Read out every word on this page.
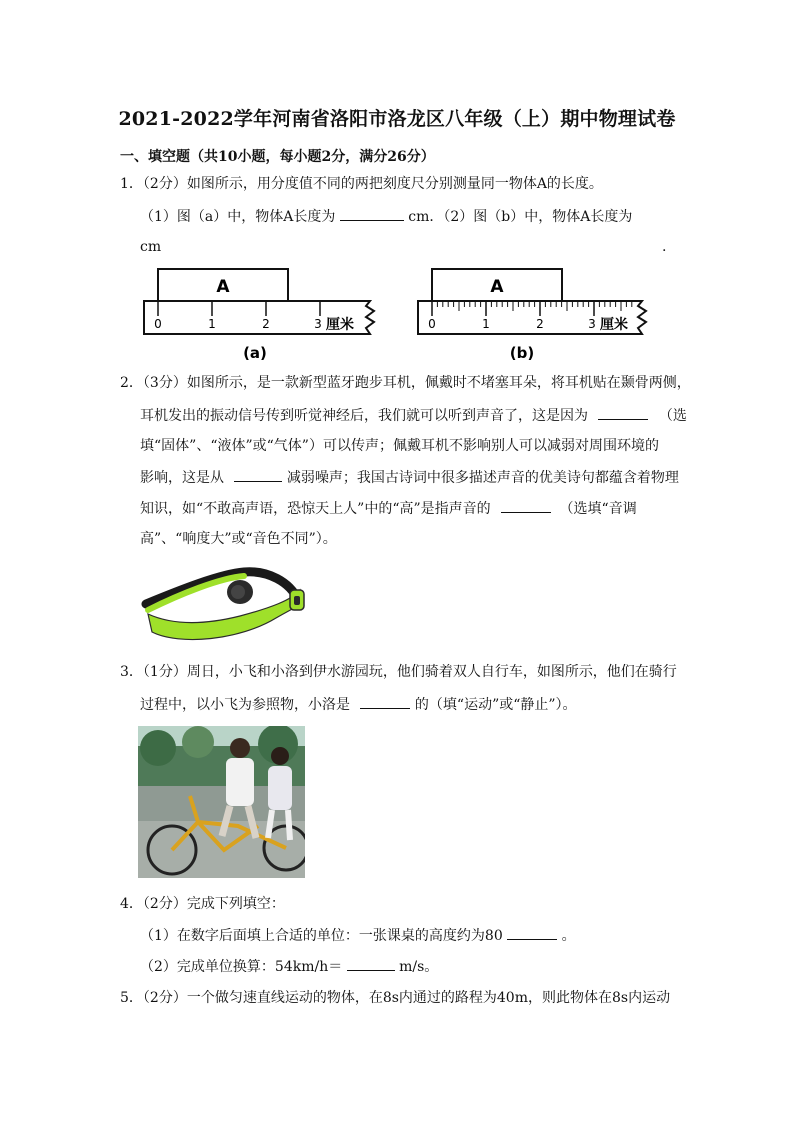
2021-2022学年河南省洛阳市洛龙区八年级（上）期中物理试卷
一、填空题（共10小题，每小题2分，满分26分）
1．（2分）如图所示，用分度值不同的两把刻度尺分别测量同一物体A的长度。
（1）图（a）中，物体A长度为	cm．（2）图（b）中，物体A长度为
cm	.
A
0	1	2	3 厘米
(a)
A
0	1	2	3 厘米
(b)
2．（3分）如图所示，是一款新型蓝牙跑步耳机，佩戴时不堵塞耳朵，将耳机贴在颞骨两侧，
耳机发出的振动信号传到听觉神经后，我们就可以听到声音了，这是因为	（选
填“固体”、“液体”或“气体”）可以传声；佩戴耳机不影响别人可以减弱对周围环境的
影响，这是从	减弱噪声；我国古诗词中很多描述声音的优美诗句都蕴含着物理
知识，如“不敢高声语，恐惊天上人”中的“高”是指声音的	（选填“音调
高”、“响度大”或“音色不同”）。
3．（1分）周日，小飞和小洛到伊水游园玩，他们骑着双人自行车，如图所示，他们在骑行
过程中，以小飞为参照物，小洛是	的（填“运动”或“静止”）。
4．（2分）完成下列填空：
（1）在数字后面填上合适的单位：一张课桌的高度约为80	。
（2）完成单位换算：54km/h＝	m/s。
5．（2分）一个做匀速直线运动的物体，在8s内通过的路程为40m，则此物体在8s内运动
